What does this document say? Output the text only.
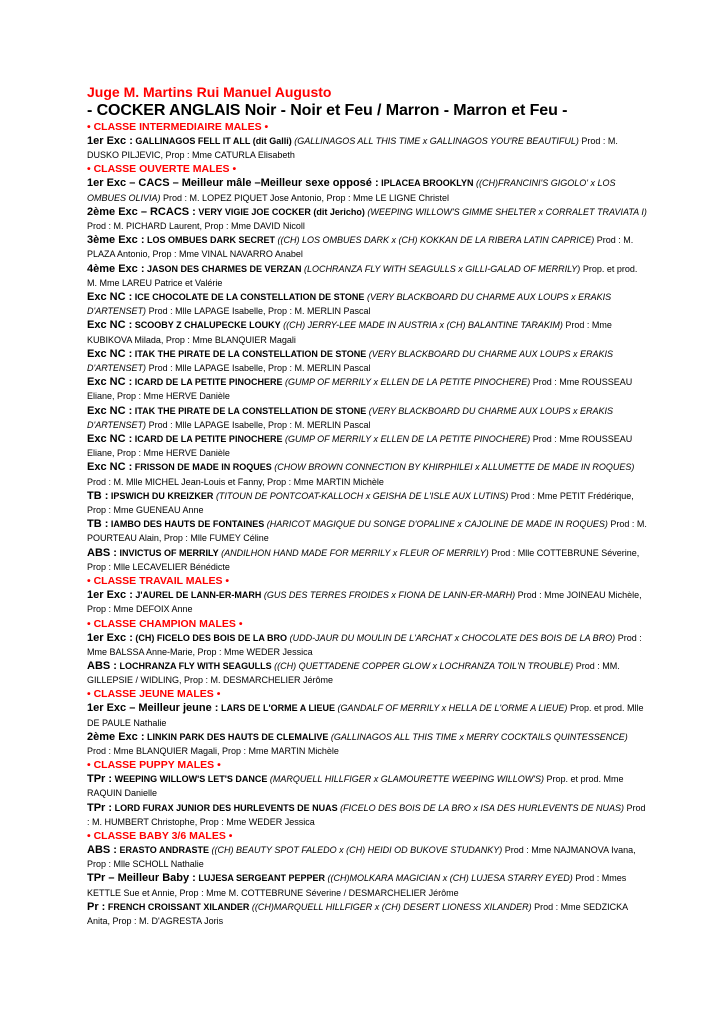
Juge M. Martins Rui Manuel Augusto
- COCKER ANGLAIS Noir - Noir et Feu / Marron - Marron et Feu -
• CLASSE INTERMEDIAIRE MALES •

1er Exc : GALLINAGOS FELL IT ALL (dit Galli) (GALLINAGOS ALL THIS TIME x GALLINAGOS YOU'RE BEAUTIFUL) Prod : M. DUSKO PILJEVIC, Prop : Mme CATURLA Elisabeth

• CLASSE OUVERTE MALES •

1er Exc – CACS – Meilleur mâle –Meilleur sexe opposé : IPLACEA BROOKLYN ((CH)FRANCINI'S GIGOLO' x LOS OMBUES OLIVIA) Prod : M. LOPEZ PIQUET Jose Antonio, Prop : Mme LE LIGNE Christel

2ème Exc – RCACS : VERY VIGIE JOE COCKER (dit Jericho) (WEEPING WILLOW'S GIMME SHELTER x CORRALET TRAVIATA I) Prod : M. PICHARD Laurent, Prop : Mme DAVID Nicoll

3ème Exc : LOS OMBUES DARK SECRET ((CH) LOS OMBUES DARK x (CH) KOKKAN DE LA RIBERA LATIN CAPRICE) Prod : M. PLAZA Antonio, Prop : Mme VINAL NAVARRO Anabel

4ème Exc : JASON DES CHARMES DE VERZAN (LOCHRANZA FLY WITH SEAGULLS x GILLI-GALAD OF MERRILY) Prop. et prod. M. Mme LAREU Patrice et Valérie

Exc NC : ICE CHOCOLATE DE LA CONSTELLATION DE STONE (VERY BLACKBOARD DU CHARME AUX LOUPS x ERAKIS D'ARTENSET) Prod : Mlle LAPAGE Isabelle, Prop : M. MERLIN Pascal

Exc NC : SCOOBY Z CHALUPECKE LOUKY ((CH) JERRY-LEE MADE IN AUSTRIA x (CH) BALANTINE TARAKIM) Prod : Mme KUBIKOVA Milada, Prop : Mme BLANQUIER Magali

Exc NC : ITAK THE PIRATE DE LA CONSTELLATION DE STONE (VERY BLACKBOARD DU CHARME AUX LOUPS x ERAKIS D'ARTENSET) Prod : Mlle LAPAGE Isabelle, Prop : M. MERLIN Pascal

Exc NC : ICARD DE LA PETITE PINOCHERE (GUMP OF MERRILY x ELLEN DE LA PETITE PINOCHERE) Prod : Mme ROUSSEAU Eliane, Prop : Mme HERVE Danièle

Exc NC : ITAK THE PIRATE DE LA CONSTELLATION DE STONE (VERY BLACKBOARD DU CHARME AUX LOUPS x ERAKIS D'ARTENSET) Prod : Mlle LAPAGE Isabelle, Prop : M. MERLIN Pascal

Exc NC : ICARD DE LA PETITE PINOCHERE (GUMP OF MERRILY x ELLEN DE LA PETITE PINOCHERE) Prod : Mme ROUSSEAU Eliane, Prop : Mme HERVE Danièle

Exc NC : FRISSON DE MADE IN ROQUES (CHOW BROWN CONNECTION BY KHIRPHILEI x ALLUMETTE DE MADE IN ROQUES) Prod : M. Mlle MICHEL Jean-Louis et Fanny, Prop : Mme MARTIN Michèle

TB : IPSWICH DU KREIZKER (TITOUN DE PONTCOAT-KALLOCH x GEISHA DE L'ISLE AUX LUTINS) Prod : Mme PETIT Frédérique, Prop : Mme GUENEAU Anne

TB : IAMBO DES HAUTS DE FONTAINES (HARICOT MAGIQUE DU SONGE D'OPALINE x CAJOLINE DE MADE IN ROQUES) Prod : M. POURTEAU Alain, Prop : Mlle FUMEY Céline

ABS : INVICTUS OF MERRILY (ANDILHON HAND MADE FOR MERRILY x FLEUR OF MERRILY) Prod : Mlle COTTEBRUNE Séverine, Prop : Mlle LECAVELIER Bénédicte

• CLASSE TRAVAIL MALES •

1er Exc : J'AUREL DE LANN-ER-MARH (GUS DES TERRES FROIDES x FIONA DE LANN-ER-MARH) Prod : Mme JOINEAU Michèle, Prop : Mme DEFOIX Anne

• CLASSE CHAMPION MALES •

1er Exc : (CH) FICELO DES BOIS DE LA BRO (UDD-JAUR DU MOULIN DE L'ARCHAT x CHOCOLATE DES BOIS DE LA BRO) Prod : Mme BALSSA Anne-Marie, Prop : Mme WEDER Jessica

ABS : LOCHRANZA FLY WITH SEAGULLS ((CH) QUETTADENE COPPER GLOW x LOCHRANZA TOIL'N TROUBLE) Prod : MM. GILLEPSIE / WIDLING, Prop : M. DESMARCHELIER Jérôme

• CLASSE JEUNE MALES •

1er Exc – Meilleur jeune : LARS DE L'ORME A LIEUE (GANDALF OF MERRILY x HELLA DE L'ORME A LIEUE) Prop. et prod. Mlle DE PAULE Nathalie

2ème Exc : LINKIN PARK DES HAUTS DE CLEMALIVE (GALLINAGOS ALL THIS TIME x MERRY COCKTAILS QUINTESSENCE) Prod : Mme BLANQUIER Magali, Prop : Mme MARTIN Michèle

• CLASSE PUPPY MALES •

TPr : WEEPING WILLOW'S LET'S DANCE (MARQUELL HILLFIGER x GLAMOURETTE WEEPING WILLOW'S) Prop. et prod. Mme RAQUIN Danielle

TPr : LORD FURAX JUNIOR DES HURLEVENTS DE NUAS (FICELO DES BOIS DE LA BRO x ISA DES HURLEVENTS DE NUAS) Prod : M. HUMBERT Christophe, Prop : Mme WEDER Jessica

• CLASSE BABY 3/6 MALES •

ABS : ERASTO ANDRASTE ((CH) BEAUTY SPOT FALEDO x (CH) HEIDI OD BUKOVE STUDANKY) Prod : Mme NAJMANOVA Ivana, Prop : Mlle SCHOLL Nathalie

TPr – Meilleur Baby : LUJESA SERGEANT PEPPER ((CH)MOLKARA MAGICIAN x (CH) LUJESA STARRY EYED) Prod : Mmes KETTLE Sue et Annie, Prop : Mme M. COTTEBRUNE Séverine / DESMARCHELIER Jérôme

Pr : FRENCH CROISSANT XILANDER ((CH)MARQUELL HILLFIGER x (CH) DESERT LIONESS XILANDER) Prod : Mme SEDZICKA Anita, Prop : M. D'AGRESTA Joris
